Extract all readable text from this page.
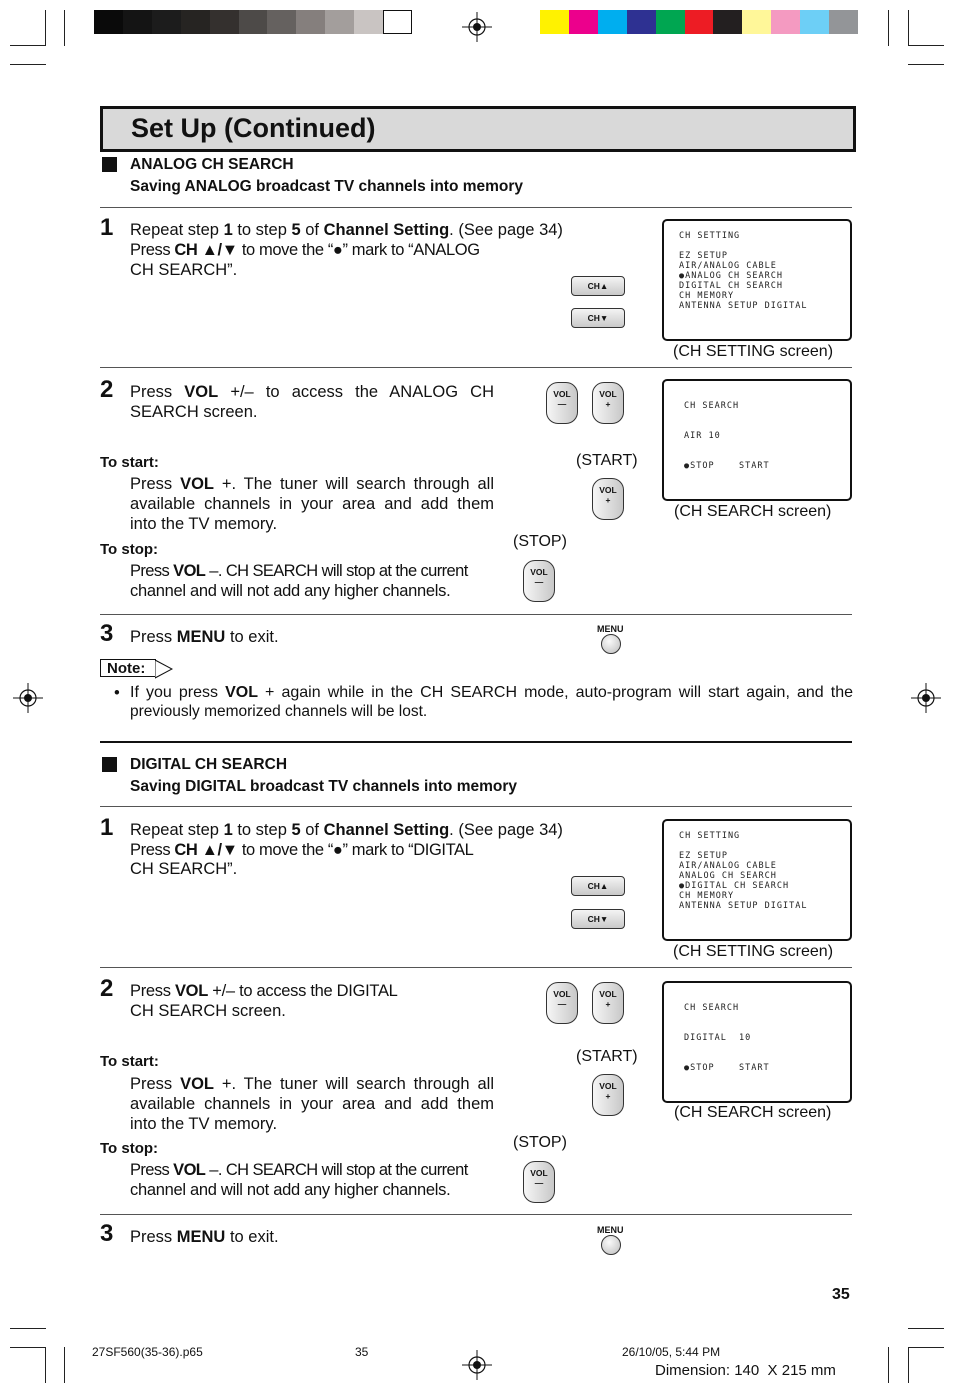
Set Up (Continued)
ANALOG CH SEARCH
Saving ANALOG broadcast TV channels into memory
1 Repeat step 1 to step 5 of Channel Setting. (See page 34)
Press CH ▲/▼ to move the “●” mark to “ANALOG
CH SEARCH”.
CH▲
CH▼
CH SETTING

EZ SETUP
AIR/ANALOG CABLE
●ANALOG CH SEARCH
DIGITAL CH SEARCH
CH MEMORY
ANTENNA SETUP DIGITAL
(CH SETTING screen)
2 Press VOL +/– to access the ANALOG CH
SEARCH screen.
To start:
Press VOL +. The tuner will search through all
available channels in your area and add them
into the TV memory.
To stop:
Press VOL –. CH SEARCH will stop at the current
channel and will not add any higher channels.
VOL
—
VOL
+
(START)
VOL
+
(STOP)
VOL
—
CH SEARCH

AIR 10

●STOP    START
(CH SEARCH screen)
3 Press MENU to exit.	MENU
Note:
• If you press VOL + again while in the CH SEARCH mode, auto-program will start again, and the
previously memorized channels will be lost.
DIGITAL CH SEARCH
Saving DIGITAL broadcast TV channels into memory
1 Repeat step 1 to step 5 of Channel Setting. (See page 34)
Press CH ▲/▼ to move the “●” mark to “DIGITAL
CH SEARCH”.
CH▲
CH▼
CH SETTING

EZ SETUP
AIR/ANALOG CABLE
ANALOG CH SEARCH
●DIGITAL CH SEARCH
CH MEMORY
ANTENNA SETUP DIGITAL
(CH SETTING screen)
2 Press VOL +/– to access the DIGITAL
CH SEARCH screen.
To start:
Press VOL +. The tuner will search through all
available channels in your area and add them
into the TV memory.
To stop:
Press VOL –. CH SEARCH will stop at the current
channel and will not add any higher channels.
VOL
—
VOL
+
(START)
VOL
+
(STOP)
VOL
—
CH SEARCH

DIGITAL  10

●STOP    START
(CH SEARCH screen)
3 Press MENU to exit.	MENU
35
27SF560(35-36).p65	35	26/10/05, 5:44 PM
Dimension: 140  X 215 mm
